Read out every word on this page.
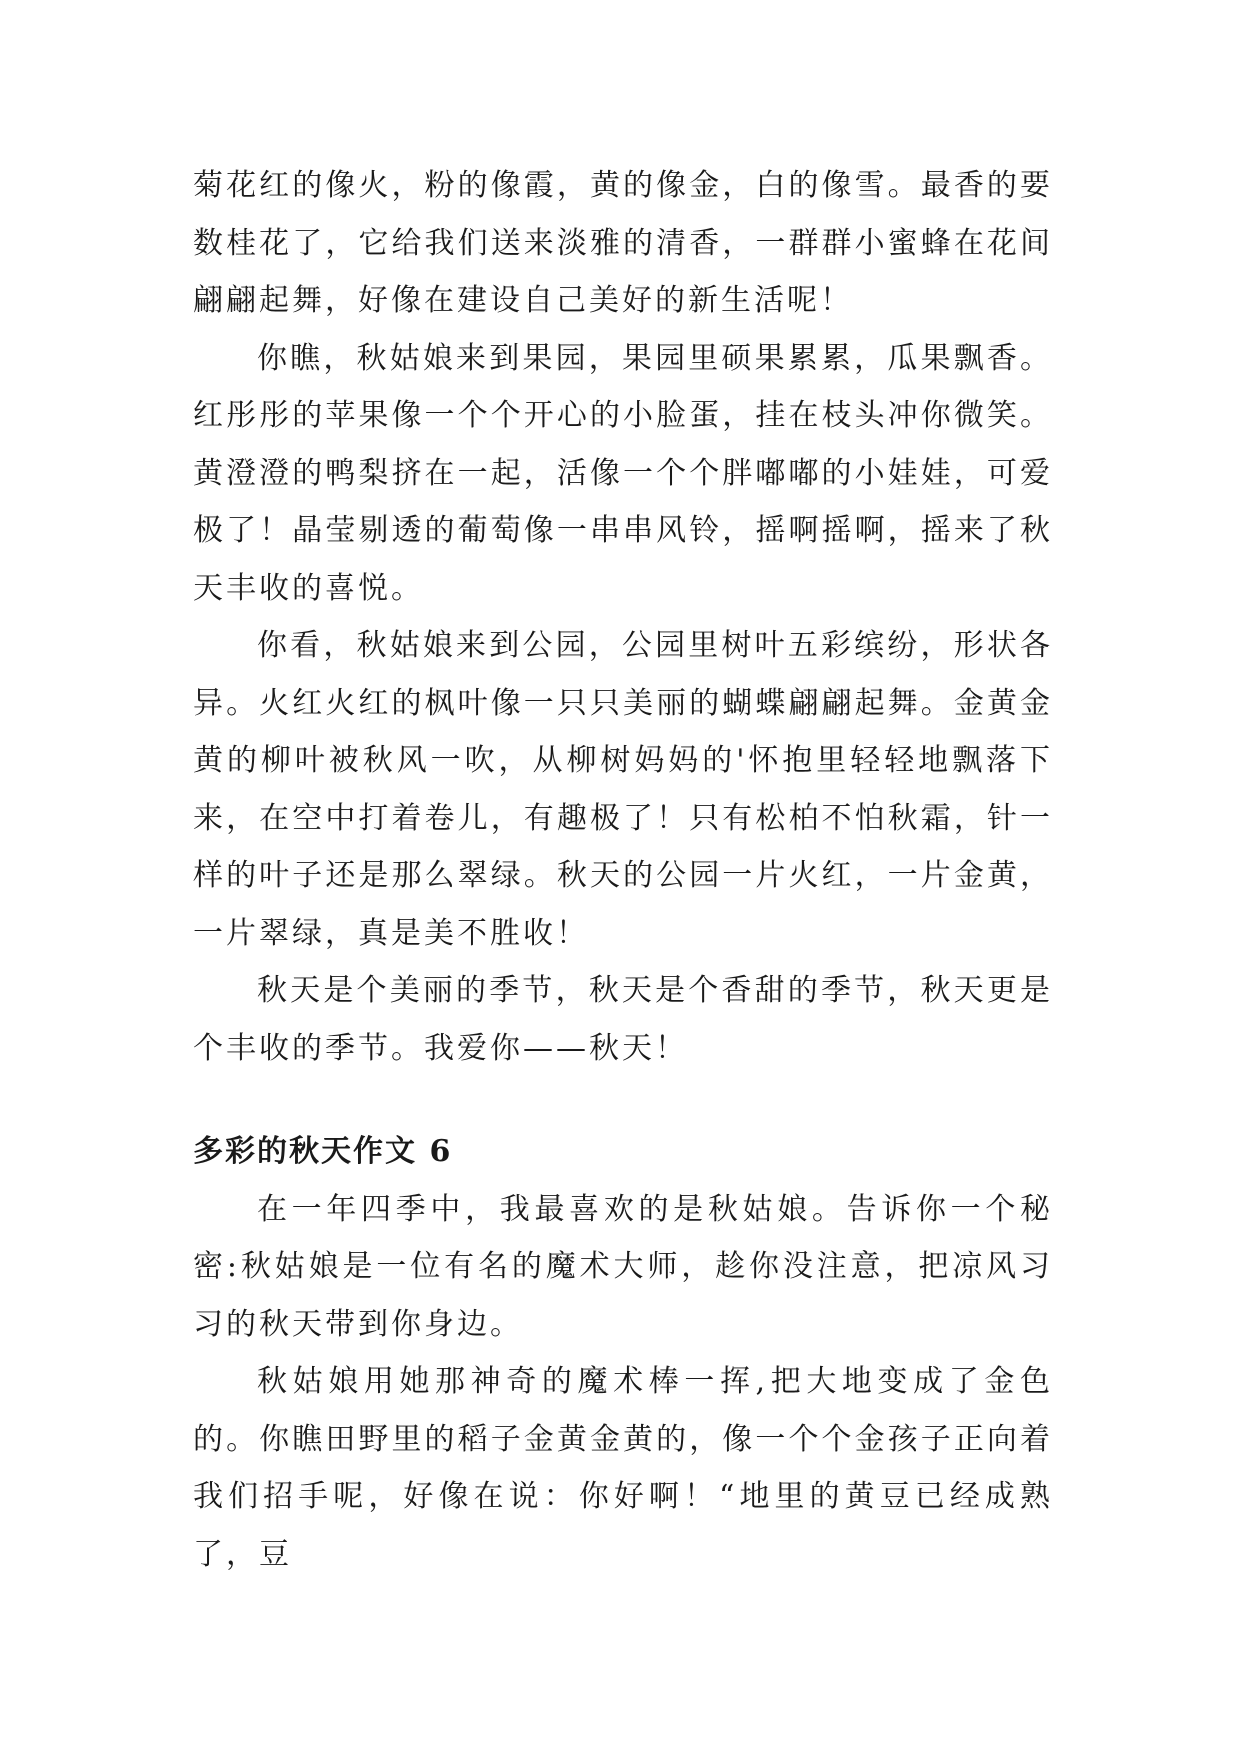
菊花红的像火，粉的像霞，黄的像金，白的像雪。最香的要数桂花了，它给我们送来淡雅的清香，一群群小蜜蜂在花间翩翩起舞，好像在建设自己美好的新生活呢！

你瞧，秋姑娘来到果园，果园里硕果累累，瓜果飘香。红彤彤的苹果像一个个开心的小脸蛋，挂在枝头冲你微笑。黄澄澄的鸭梨挤在一起，活像一个个胖嘟嘟的小娃娃，可爱极了！晶莹剔透的葡萄像一串串风铃，摇啊摇啊，摇来了秋天丰收的喜悦。

你看，秋姑娘来到公园，公园里树叶五彩缤纷，形状各异。火红火红的枫叶像一只只美丽的蝴蝶翩翩起舞。金黄金黄的柳叶被秋风一吹，从柳树妈妈的'怀抱里轻轻地飘落下来，在空中打着卷儿，有趣极了！只有松柏不怕秋霜，针一样的叶子还是那么翠绿。秋天的公园一片火红，一片金黄，一片翠绿，真是美不胜收！

秋天是个美丽的季节，秋天是个香甜的季节，秋天更是个丰收的季节。我爱你——秋天！

多彩的秋天作文 6

在一年四季中，我最喜欢的是秋姑娘。告诉你一个秘密:秋姑娘是一位有名的魔术大师，趁你没注意，把凉风习习的秋天带到你身边。

秋姑娘用她那神奇的魔术棒一挥,把大地变成了金色的。你瞧田野里的稻子金黄金黄的，像一个个金孩子正向着我们招手呢，好像在说：你好啊！“地里的黄豆已经成熟了，豆
